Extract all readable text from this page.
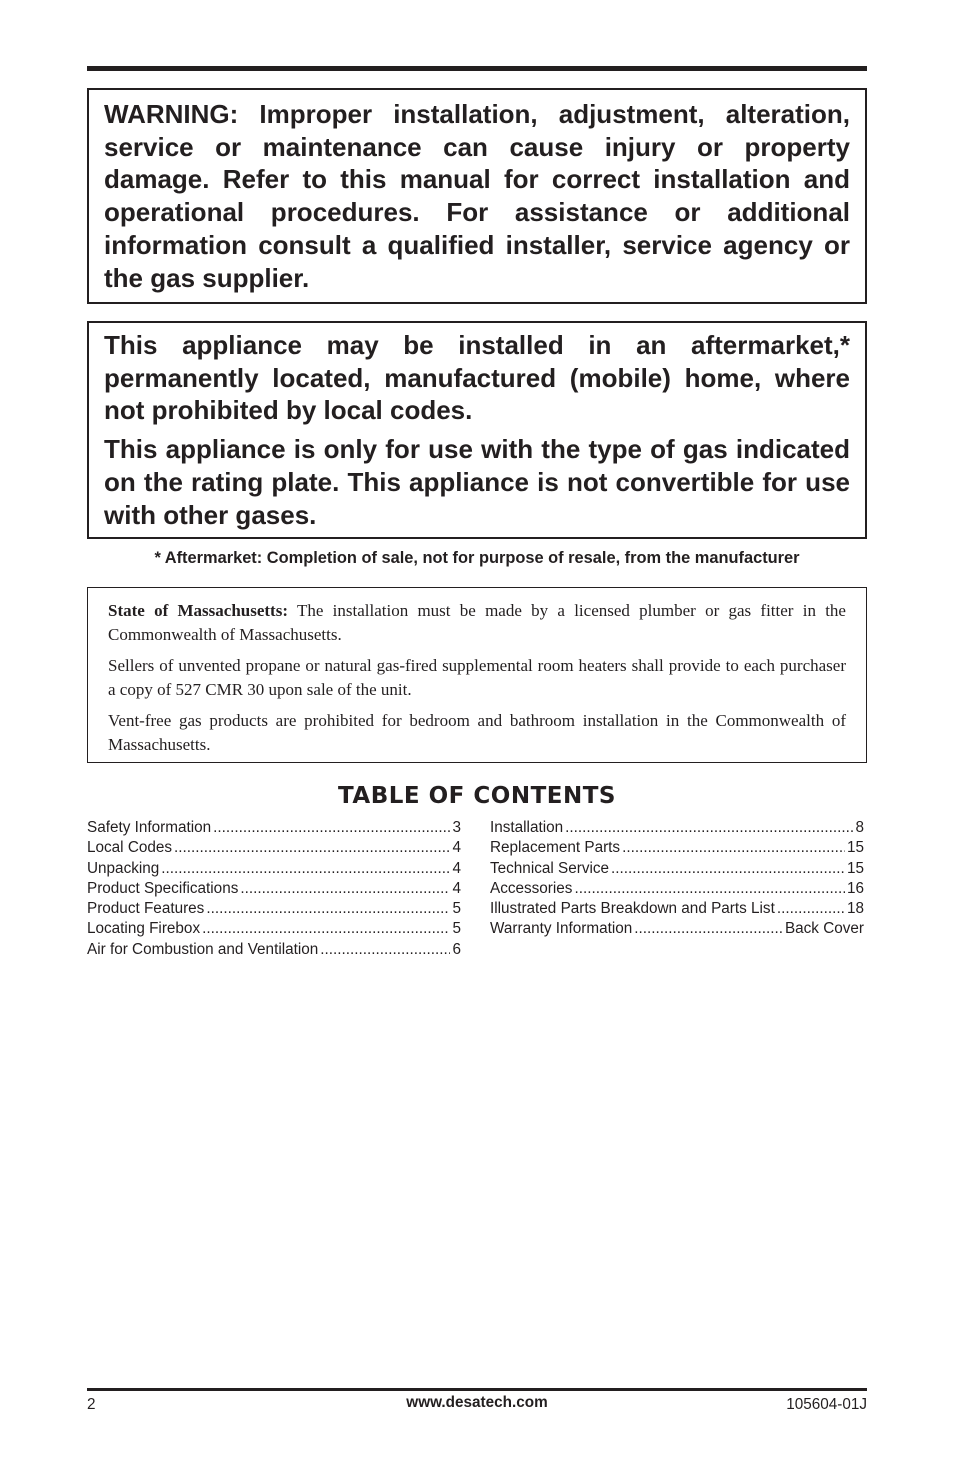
WARNING: Improper installation, adjustment, alteration, service or maintenance can cause injury or property damage. Refer to this manual for correct installation and operational procedures. For assistance or additional information consult a qualified installer, service agency or the gas supplier.

This appliance may be installed in an aftermarket,* permanently located, manufactured (mobile) home, where not prohibited by local codes.

This appliance is only for use with the type of gas indicated on the rating plate. This appliance is not convertible for use with other gases.

* Aftermarket: Completion of sale, not for purpose of resale, from the manufacturer

State of Massachusetts: The installation must be made by a licensed plumber or gas fitter in the Commonwealth of Massachusetts.

Sellers of unvented propane or natural gas-fired supplemental room heaters shall provide to each purchaser a copy of 527 CMR 30 upon sale of the unit.

Vent-free gas products are prohibited for bedroom and bathroom installation in the Commonwealth of Massachusetts.

TABLE OF CONTENTS
Safety Information .....	3
Local Codes .....	4
Unpacking .....	4
Product Specifications .....	4
Product Features .....	5
Locating Firebox .....	5
Air for Combustion and Ventilation .....	6
Installation .....	8
Replacement Parts .....	15
Technical Service .....	15
Accessories .....	16
Illustrated Parts Breakdown and Parts List .....	18
Warranty Information .....	Back Cover
2	www.desatech.com	105604-01J
